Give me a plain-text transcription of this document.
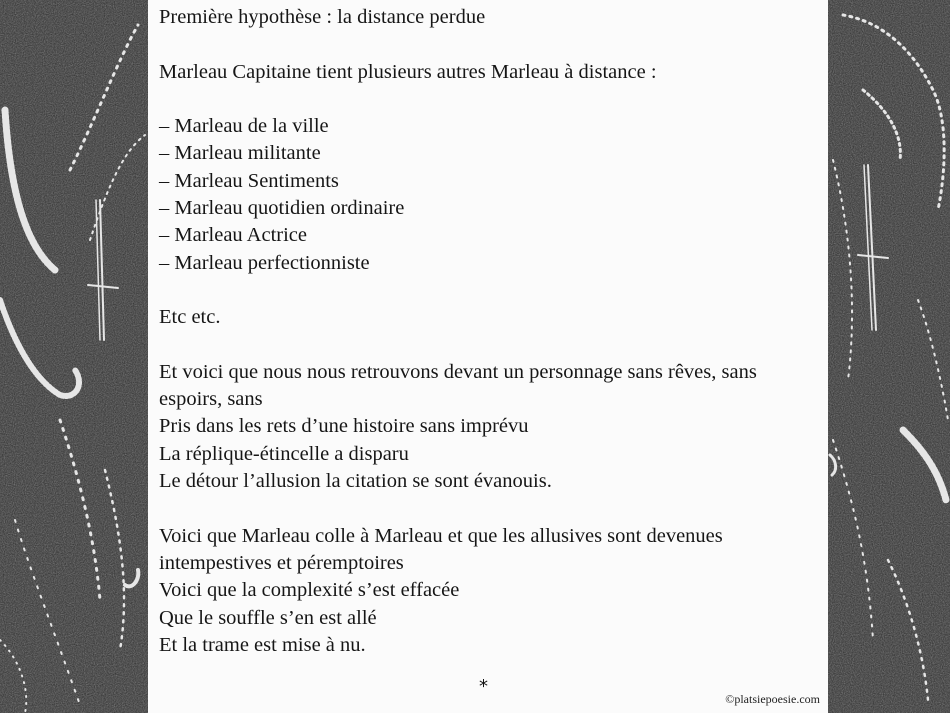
Première hypothèse : la distance perdue
Marleau Capitaine tient plusieurs autres Marleau à distance :
– Marleau de la ville
– Marleau militante
– Marleau Sentiments
– Marleau quotidien ordinaire
– Marleau Actrice
– Marleau perfectionniste
Etc etc.
Et voici que nous nous retrouvons devant un personnage sans rêves, sans
espoirs, sans
Pris dans les rets d’une histoire sans imprévu
La réplique-étincelle a disparu
Le détour l’allusion la citation se sont évanouis.
Voici que Marleau colle à Marleau et que les allusives sont devenues
intempestives et péremptoires
Voici que la complexité s’est effacée
Que le souffle s’en est allé
Et la trame est mise à nu.
*
©platsiepoesie.com
